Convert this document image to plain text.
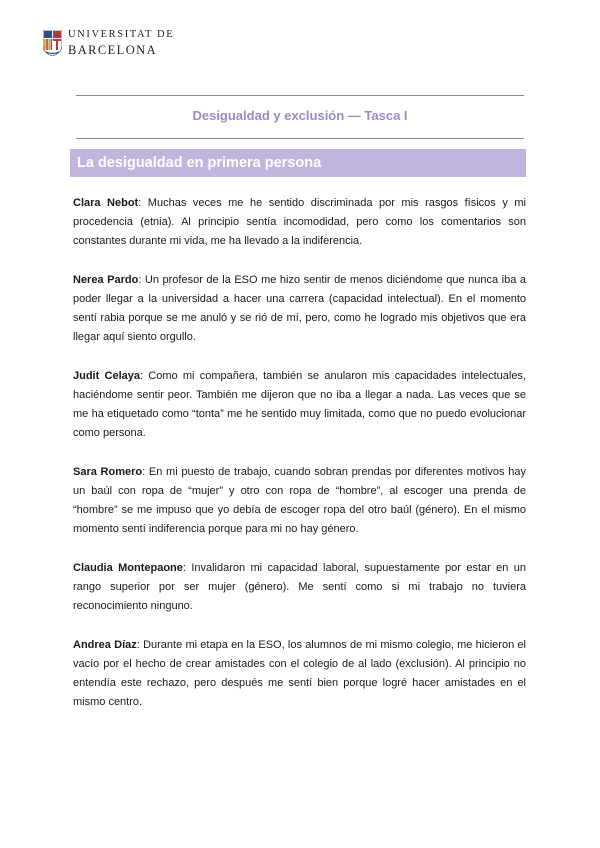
UNIVERSITAT DE
BARCELONA
Desigualdad y exclusión — Tasca I
La desigualdad en primera persona

Clara Nebot: Muchas veces me he sentido discriminada por mis rasgos físicos y mi procedencia (etnia). Al principio sentía incomodidad, pero como los comentarios son constantes durante mi vida, me ha llevado a la indiferencia.

Nerea Pardo: Un profesor de la ESO me hizo sentir de menos diciéndome que nunca iba a poder llegar a la universidad a hacer una carrera (capacidad intelectual). En el momento sentí rabia porque se me anuló y se rió de mí, pero, como he logrado mis objetivos que era llegar aquí siento orgullo.

Judit Celaya: Como mi compañera, también se anularon mis capacidades intelectuales, haciéndome sentir peor. También me dijeron que no iba a llegar a nada. Las veces que se me ha etiquetado como “tonta” me he sentido muy limitada, como que no puedo evolucionar como persona.

Sara Romero: En mi puesto de trabajo, cuando sobran prendas por diferentes motivos hay un baúl con ropa de “mujer” y otro con ropa de “hombre”, al escoger una prenda de “hombre” se me impuso que yo debía de escoger ropa del otro baúl (género). En el mismo momento sentí indiferencia porque para mi no hay género.

Claudia Montepaone: Invalidaron mi capacidad laboral, supuestamente por estar en un rango superior por ser mujer (género). Me sentí como si mi trabajo no tuviera reconocimiento ninguno.

Andrea Díaz: Durante mi etapa en la ESO, los alumnos de mi mismo colegio, me hicieron el vacío por el hecho de crear amistades con el colegio de al lado (exclusión). Al principio no entendía este rechazo, pero después me sentí bien porque logré hacer amistades en el mismo centro.
